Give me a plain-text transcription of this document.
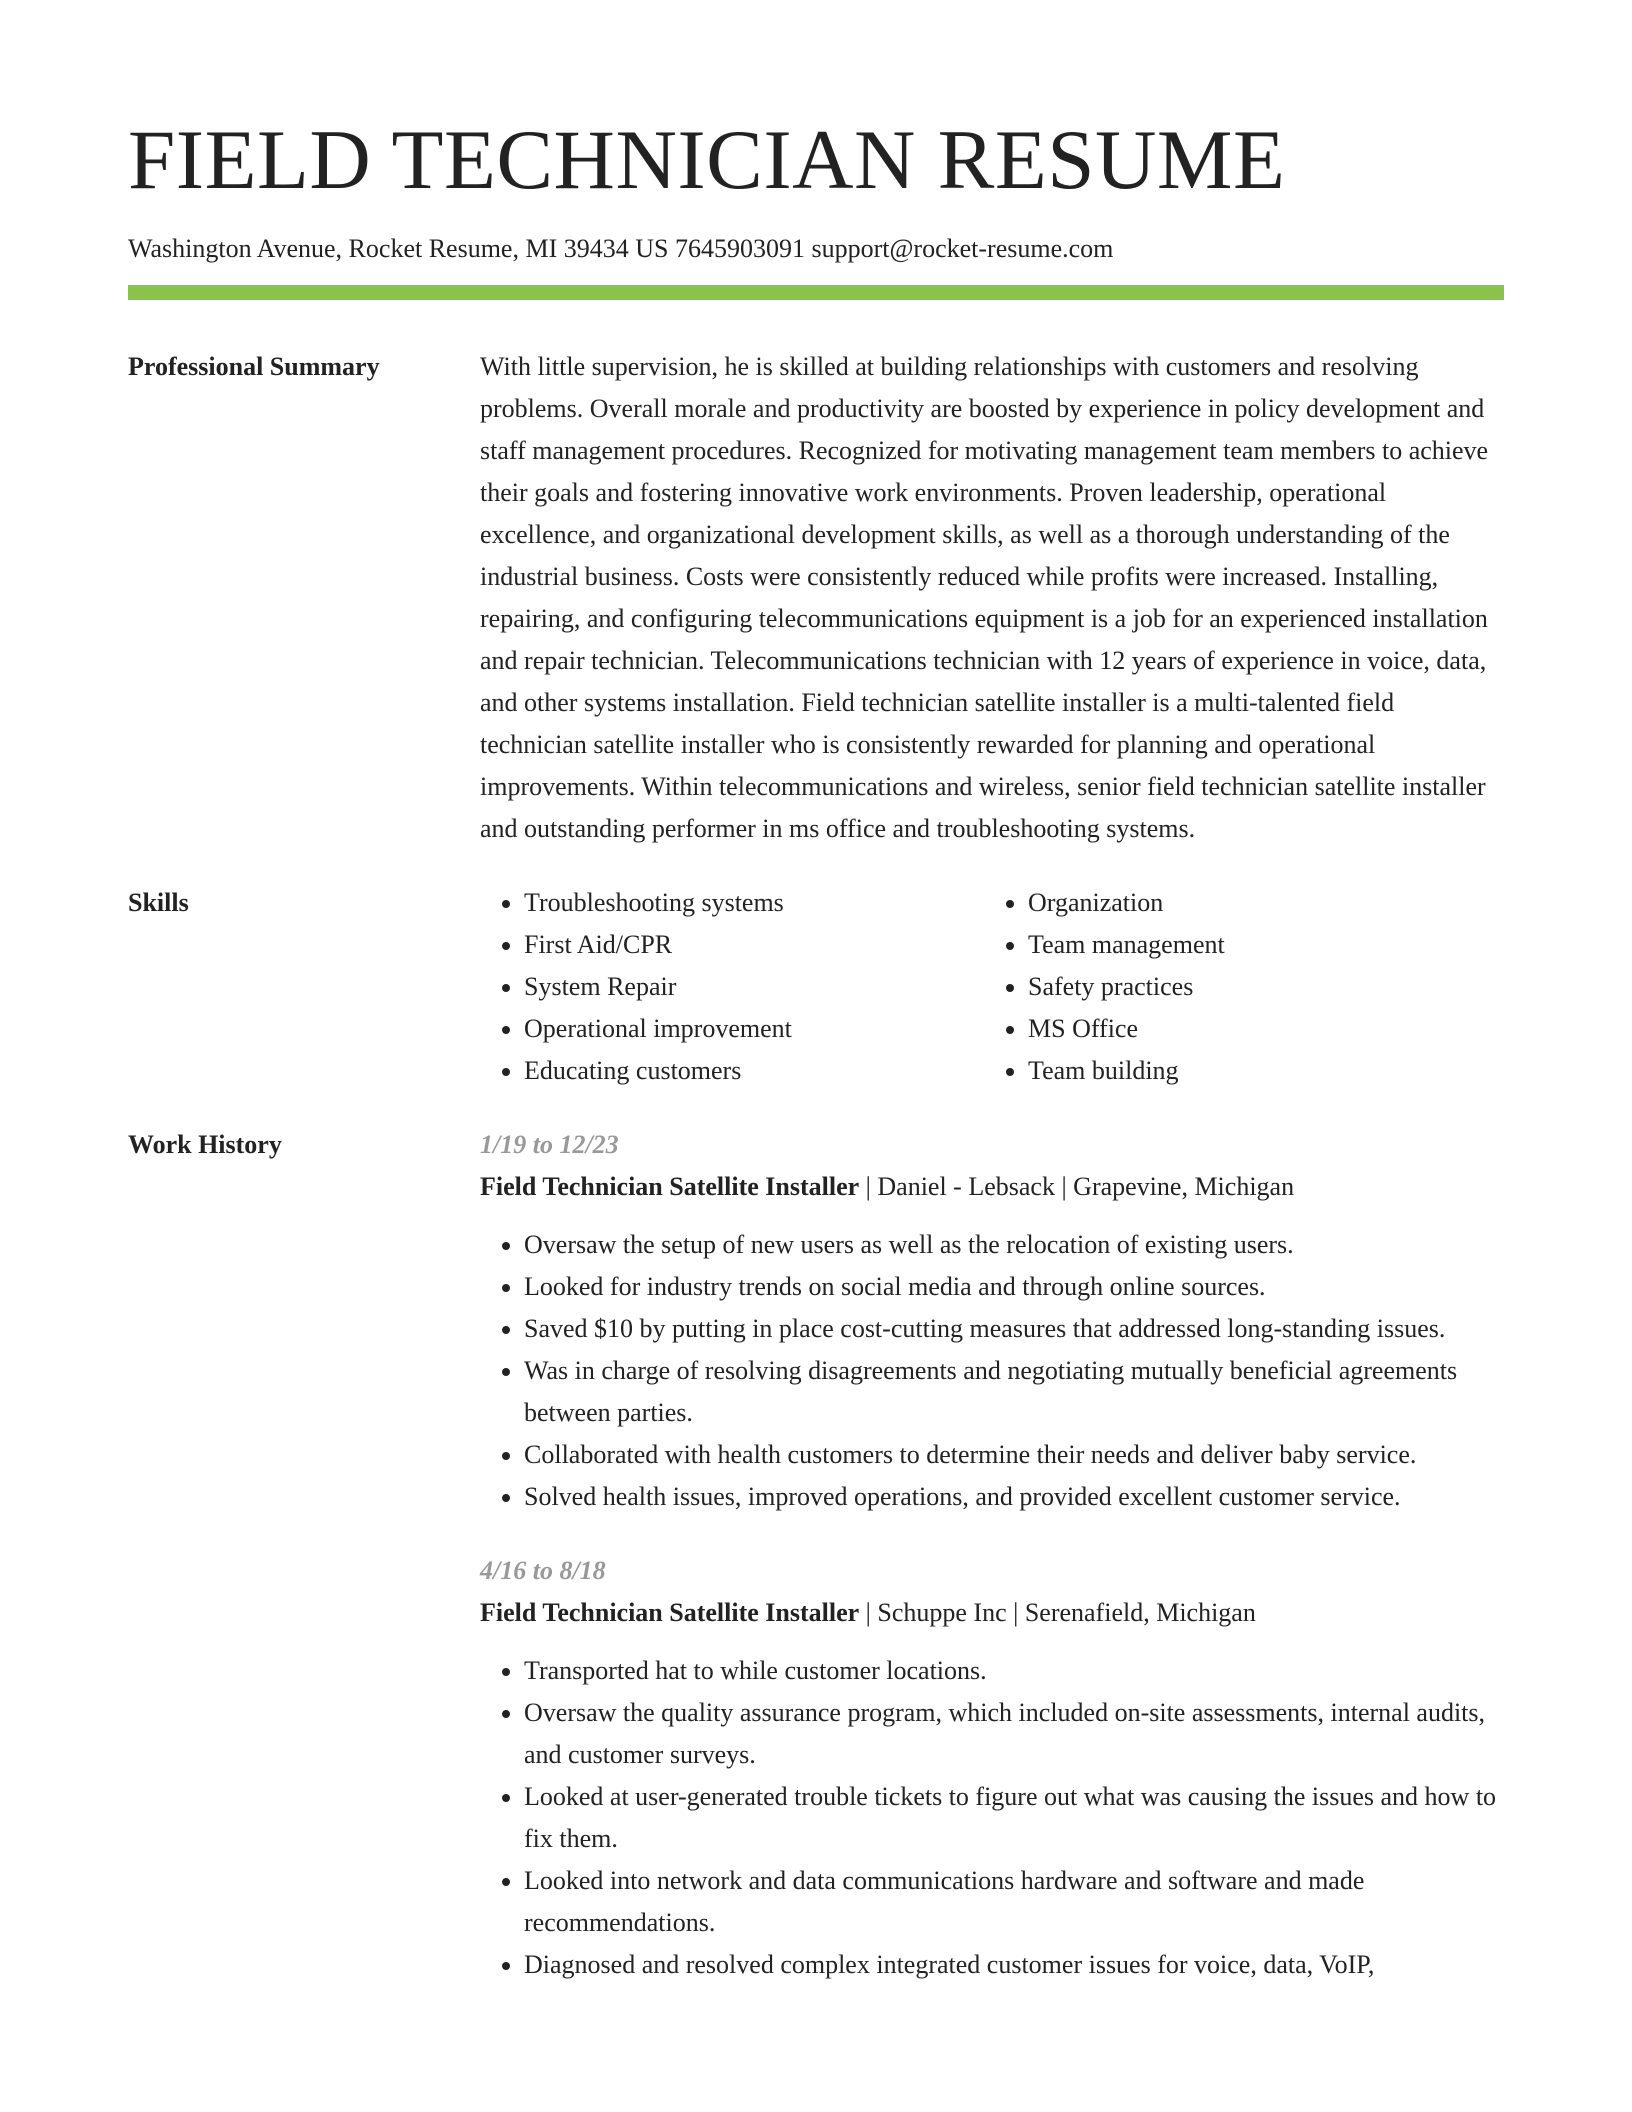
FIELD TECHNICIAN RESUME
Washington Avenue, Rocket Resume, MI 39434 US 7645903091 support@rocket-resume.com
Professional Summary	With little supervision, he is skilled at building relationships with customers and resolving problems. Overall morale and productivity are boosted by experience in policy development and staff management procedures. Recognized for motivating management team members to achieve their goals and fostering innovative work environments. Proven leadership, operational excellence, and organizational development skills, as well as a thorough understanding of the industrial business. Costs were consistently reduced while profits were increased. Installing, repairing, and configuring telecommunications equipment is a job for an experienced installation and repair technician. Telecommunications technician with 12 years of experience in voice, data, and other systems installation. Field technician satellite installer is a multi-talented field technician satellite installer who is consistently rewarded for planning and operational improvements. Within telecommunications and wireless, senior field technician satellite installer and outstanding performer in ms office and troubleshooting systems.
Skills
•	Troubleshooting systems
• First Aid/CPR
• System Repair
• Operational improvement
• Educating customers
• Organization
• Team management
• Safety practices
• MS Office
• Team building
Work History	1/19 to 12/23
Field Technician Satellite Installer | Daniel - Lebsack | Grapevine, Michigan
• Oversaw the setup of new users as well as the relocation of existing users.
• Looked for industry trends on social media and through online sources.
• Saved $10 by putting in place cost-cutting measures that addressed long-standing issues.
• Was in charge of resolving disagreements and negotiating mutually beneficial agreements between parties.
• Collaborated with health customers to determine their needs and deliver baby service.
• Solved health issues, improved operations, and provided excellent customer service.
4/16 to 8/18
Field Technician Satellite Installer | Schuppe Inc | Serenafield, Michigan
• Transported hat to while customer locations.
• Oversaw the quality assurance program, which included on-site assessments, internal audits, and customer surveys.
• Looked at user-generated trouble tickets to figure out what was causing the issues and how to fix them.
• Looked into network and data communications hardware and software and made recommendations.
• Diagnosed and resolved complex integrated customer issues for voice, data, VoIP,
